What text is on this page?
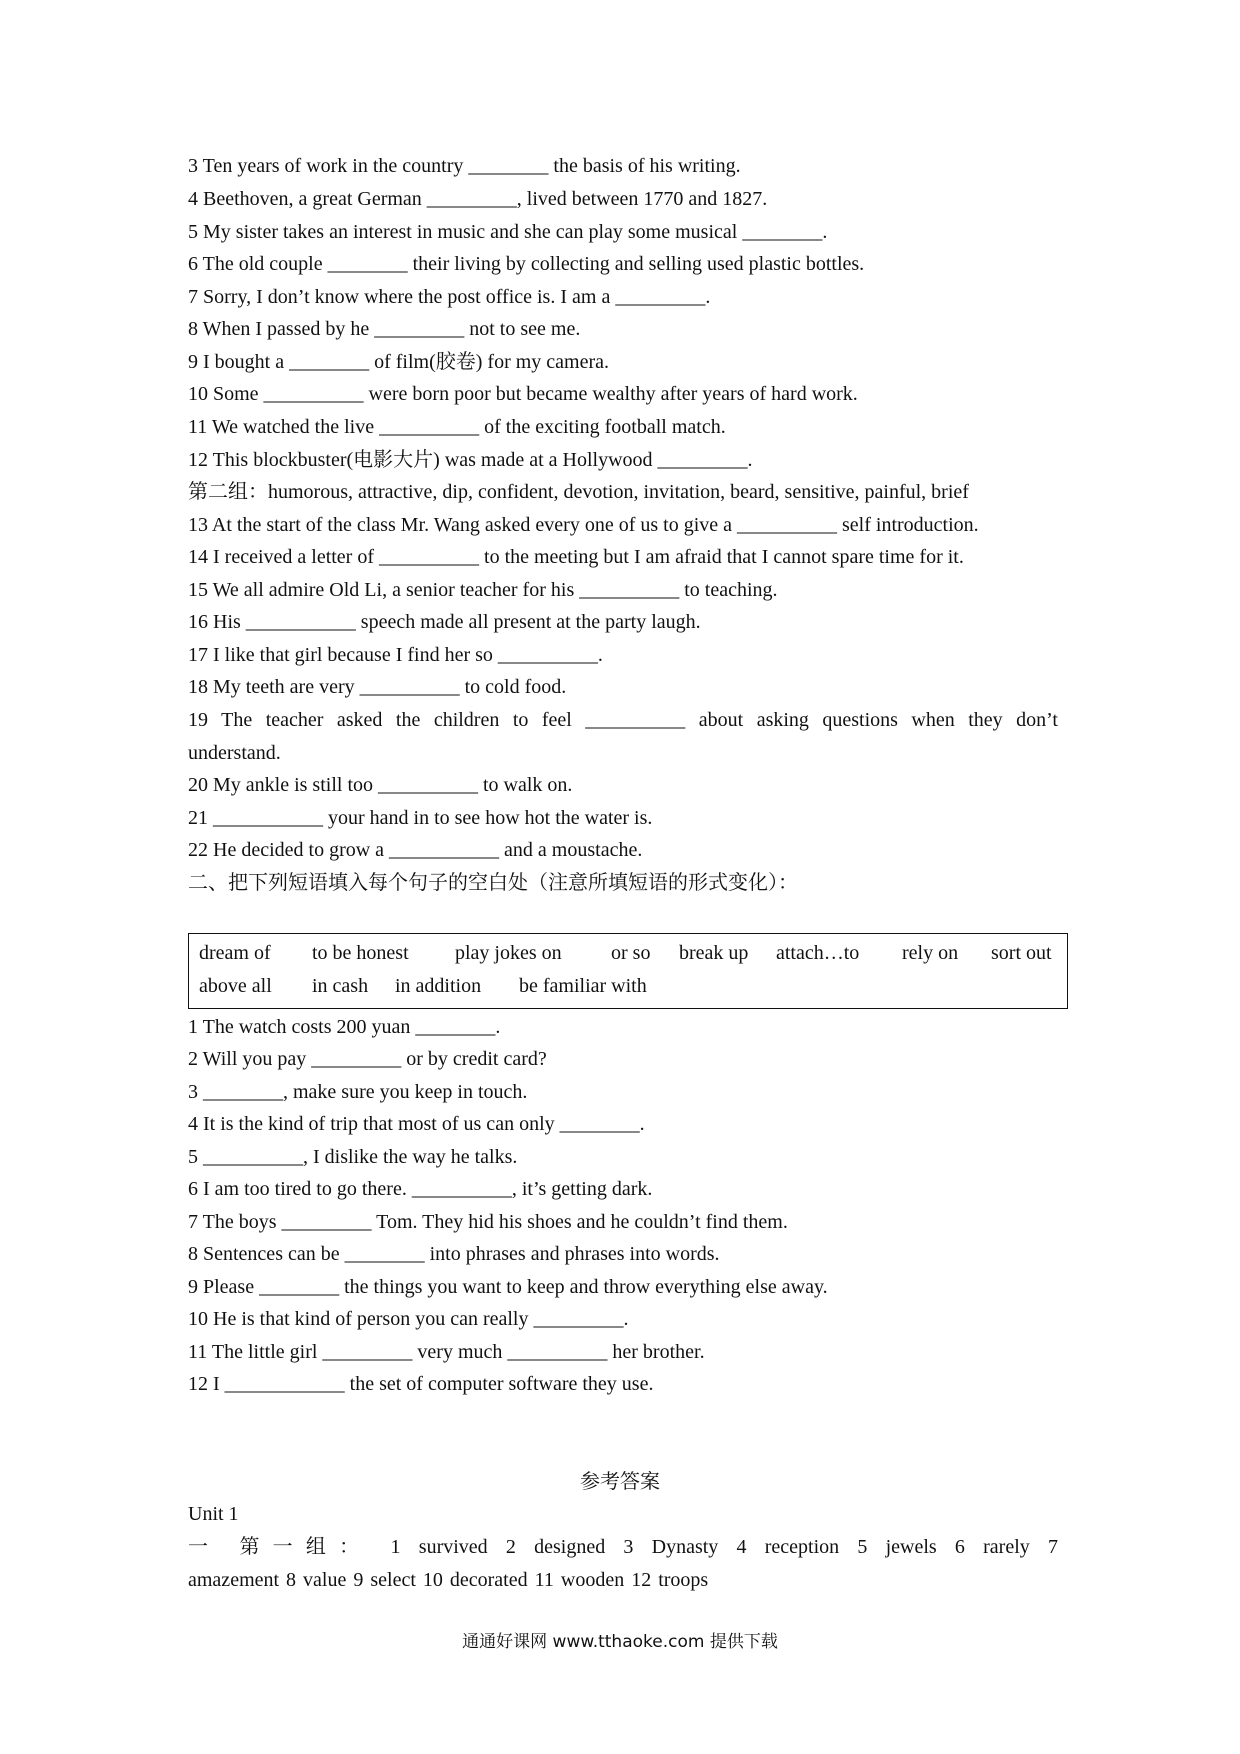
3 Ten years of work in the country ________ the basis of his writing.
4 Beethoven, a great German _________, lived between 1770 and 1827.
5 My sister takes an interest in music and she can play some musical ________.
6 The old couple ________ their living by collecting and selling used plastic bottles.
7 Sorry, I don’t know where the post office is. I am a _________.
8 When I passed by he _________ not to see me.
9 I bought a ________ of film(胶卷) for my camera.
10 Some __________ were born poor but became wealthy after years of hard work.
11 We watched the live __________ of the exciting football match.
12 This blockbuster(电影大片) was made at a Hollywood _________.
第二组：humorous, attractive, dip, confident, devotion, invitation, beard, sensitive, painful, brief
13 At the start of the class Mr. Wang asked every one of us to give a __________ self introduction.
14 I received a letter of __________ to the meeting but I am afraid that I cannot spare time for it.
15 We all admire Old Li, a senior teacher for his __________ to teaching.
16 His ___________ speech made all present at the party laugh.
17 I like that girl because I find her so __________.
18 My teeth are very __________ to cold food.
19 The teacher asked the children to feel __________ about asking questions when they don’t
understand.
20 My ankle is still too __________ to walk on.
21 ___________ your hand in to see how hot the water is.
22 He decided to grow a ___________ and a moustache.
二、把下列短语填入每个句子的空白处（注意所填短语的形式变化）：
dream of to be honest play jokes on or so break up attach…to rely on sort out
above all in cash in addition be familiar with
1 The watch costs 200 yuan ________.
2 Will you pay _________ or by credit card?
3 ________, make sure you keep in touch.
4 It is the kind of trip that most of us can only ________.
5 __________, I dislike the way he talks.
6 I am too tired to go there. __________, it’s getting dark.
7 The boys _________ Tom. They hid his shoes and he couldn’t find them.
8 Sentences can be ________ into phrases and phrases into words.
9 Please ________ the things you want to keep and throw everything else away.
10 He is that kind of person you can really _________.
11 The little girl _________ very much __________ her brother.
12 I ____________ the set of computer software they use.
参考答案
Unit 1
一 第一组： 1 survived 2 designed 3 Dynasty 4 reception 5 jewels 6 rarely 7
amazement 8 value 9 select 10 decorated 11 wooden 12 troops
通通好课网 www.tthaoke.com 提供下载
